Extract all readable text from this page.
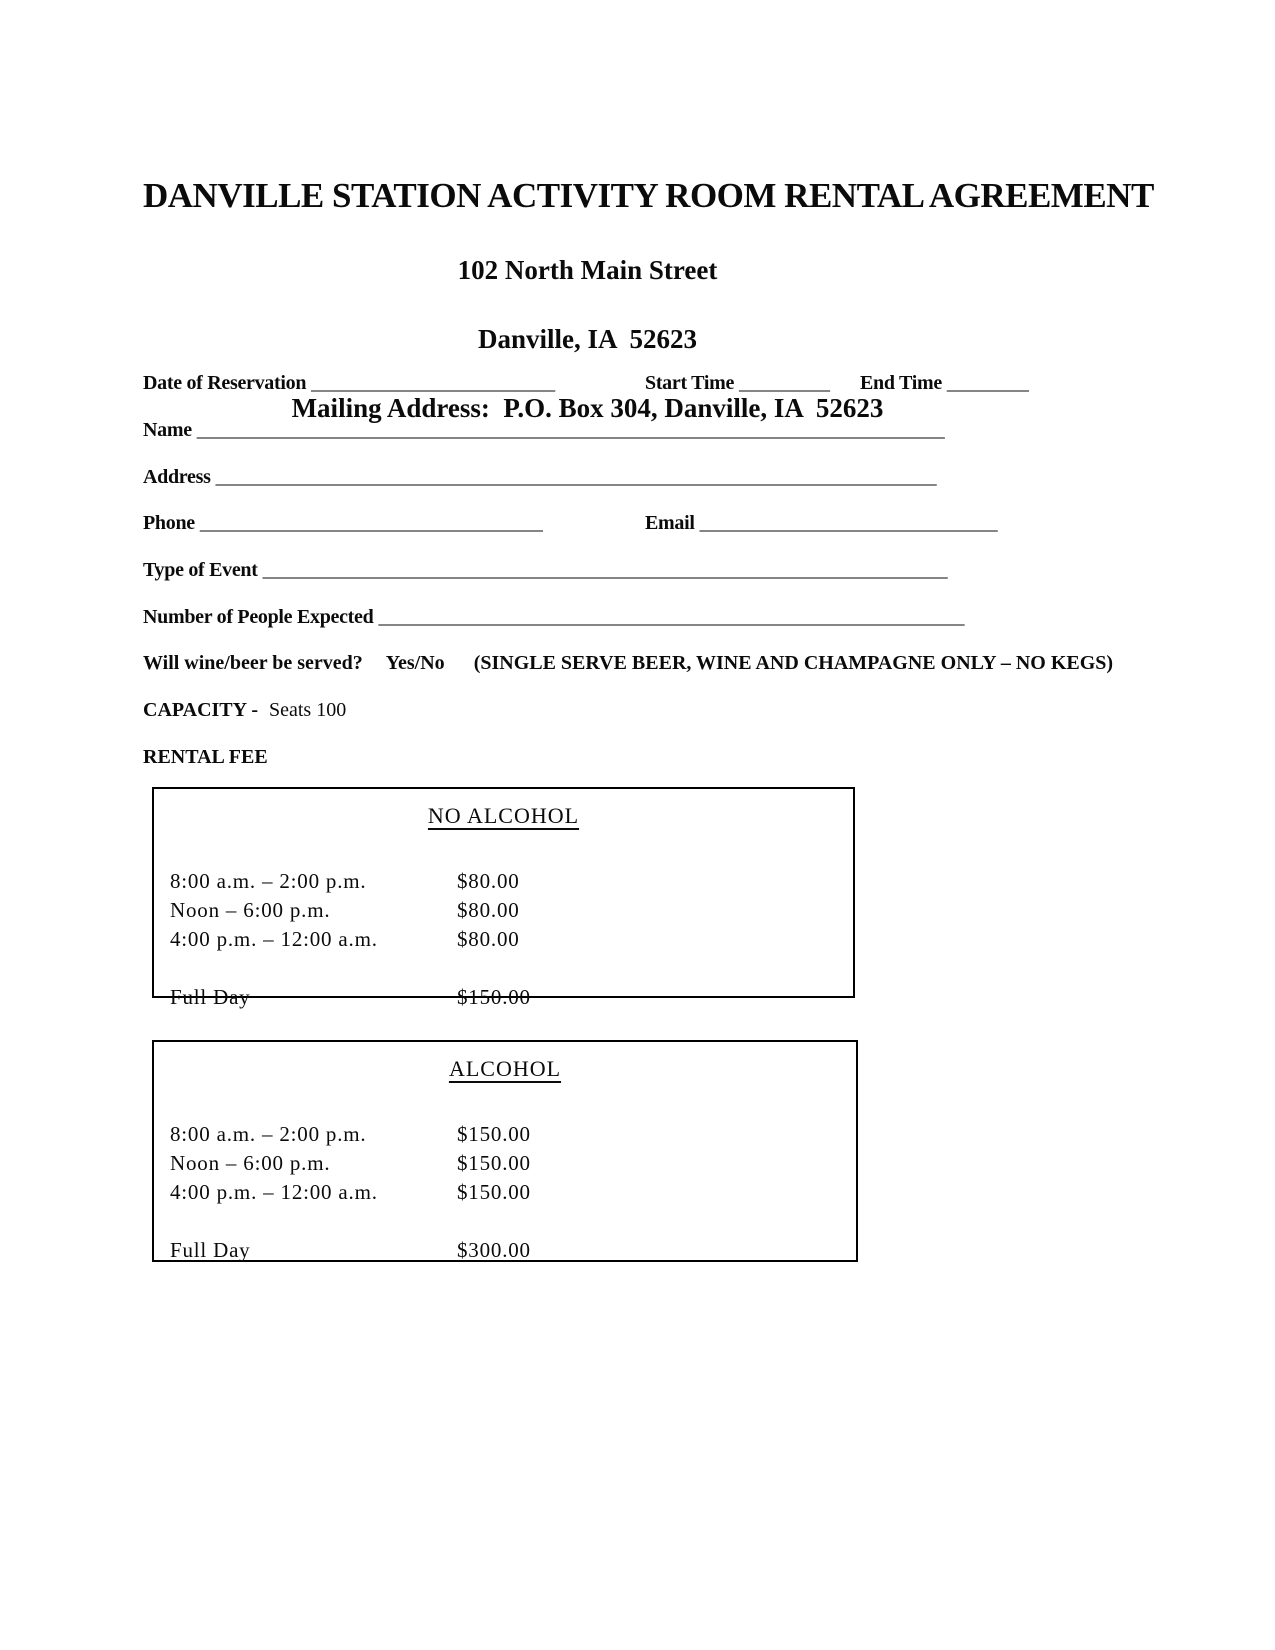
DANVILLE STATION ACTIVITY ROOM RENTAL AGREEMENT

102 North Main Street

Danville, IA  52623

Mailing Address:  P.O. Box 304, Danville, IA  52623

Date of Reservation ___________________________	Start Time __________ End Time _________
Name ___________________________________________________________________________________
Address ________________________________________________________________________________
Phone ______________________________________	Email _________________________________
Type of Event ____________________________________________________________________________
Number of People Expected _________________________________________________________________
Will wine/beer be served? Yes/No (SINGLE SERVE BEER, WINE AND CHAMPAGNE ONLY – NO KEGS)
CAPACITY - Seats 100
RENTAL FEE
NO ALCOHOL
8:00 a.m. – 2:00 p.m.	$80.00
Noon – 6:00 p.m.	$80.00
4:00 p.m. – 12:00 a.m.	$80.00
Full Day	$150.00
ALCOHOL
8:00 a.m. – 2:00 p.m.	$150.00
Noon – 6:00 p.m.	$150.00
4:00 p.m. – 12:00 a.m.	$150.00
Full Day	$300.00
